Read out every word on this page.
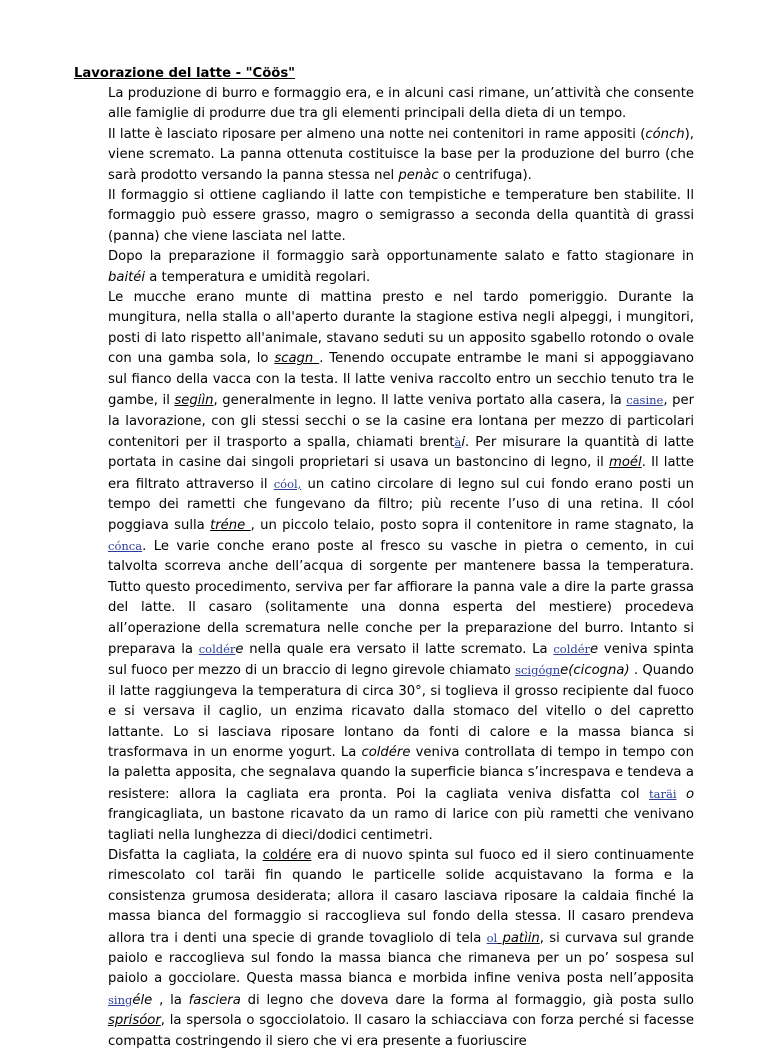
Lavorazione del latte - "Cöös"

La produzione di burro e formaggio era, e in alcuni casi rimane, un’attività che consente alle famiglie di produrre due tra gli elementi principali della dieta di un tempo.

Il latte è lasciato riposare per almeno una notte nei contenitori in rame appositi (cónch), viene scremato. La panna ottenuta costituisce la base per la produzione del burro (che sarà prodotto versando la panna stessa nel penàc o centrifuga).

Il formaggio si ottiene cagliando il latte con tempistiche e temperature ben stabilite. Il formaggio può essere grasso, magro o semigrasso a seconda della quantità di grassi (panna) che viene lasciata nel latte.

Dopo la preparazione il formaggio sarà opportunamente salato e fatto stagionare in baitéi a temperatura e umidità regolari.

Le mucche erano munte di mattina presto e nel tardo pomeriggio. Durante la mungitura, nella stalla o all'aperto durante la stagione estiva negli alpeggi, i mungitori, posti di lato rispetto all'animale, stavano seduti su un apposito sgabello rotondo o ovale con una gamba sola, lo scagn . Tenendo occupate entrambe le mani si appoggiavano sul fianco della vacca con la testa. Il latte veniva raccolto entro un secchio tenuto tra le gambe, il segiìn, generalmente in legno. Il latte veniva portato alla casera, la casine, per la lavorazione, con gli stessi secchi o se la casine era lontana per mezzo di particolari contenitori per il trasporto a spalla, chiamati brentài. Per misurare la quantità di latte portata in casine dai singoli proprietari si usava un bastoncino di legno, il moél. Il latte era filtrato attraverso il cóol, un catino circolare di legno sul cui fondo erano posti un tempo dei rametti che fungevano da filtro; più recente l’uso di una retina. Il cóol poggiava sulla tréne , un piccolo telaio, posto sopra il contenitore in rame stagnato, la cónca. Le varie conche erano poste al fresco su vasche in pietra o cemento, in cui talvolta scorreva anche dell’acqua di sorgente per mantenere bassa la temperatura. Tutto questo procedimento, serviva per far affiorare la panna vale a dire la parte grassa del latte. Il casaro (solitamente una donna esperta del mestiere) procedeva all’operazione della scrematura nelle conche per la preparazione del burro. Intanto si preparava la coldére nella quale era versato il latte scremato. La coldére veniva spinta sul fuoco per mezzo di un braccio di legno girevole chiamato scigógne(cicogna) . Quando il latte raggiungeva la temperatura di circa 30°, si toglieva il grosso recipiente dal fuoco e si versava il caglio, un enzima ricavato dalla stomaco del vitello o del capretto lattante. Lo si lasciava riposare lontano da fonti di calore e la massa bianca si trasformava in un enorme yogurt. La coldére veniva controllata di tempo in tempo con la paletta apposita, che segnalava quando la superficie bianca s’increspava e tendeva a resistere: allora la cagliata era pronta. Poi la cagliata veniva disfatta col taräi o frangicagliata, un bastone ricavato da un ramo di larice con più rametti che venivano tagliati nella lunghezza di dieci/dodici centimetri.

Disfatta la cagliata, la coldére era di nuovo spinta sul fuoco ed il siero continuamente rimescolato col taräi fin quando le particelle solide acquistavano la forma e la consistenza grumosa desiderata; allora il casaro lasciava riposare la caldaia finché la massa bianca del formaggio si raccoglieva sul fondo della stessa. Il casaro prendeva allora tra i denti una specie di grande tovagliolo di tela ol patìin, si curvava sul grande paiolo e raccoglieva sul fondo la massa bianca che rimaneva per un po’ sospesa sul paiolo a gocciolare. Questa massa bianca e morbida infine veniva posta nell’apposita singéle , la fasciera di legno che doveva dare la forma al formaggio, già posta sullo sprisóor, la spersola o sgocciolatoio. Il casaro la schiacciava con forza perché si facesse compatta costringendo il siero che vi era presente a fuoriuscire
